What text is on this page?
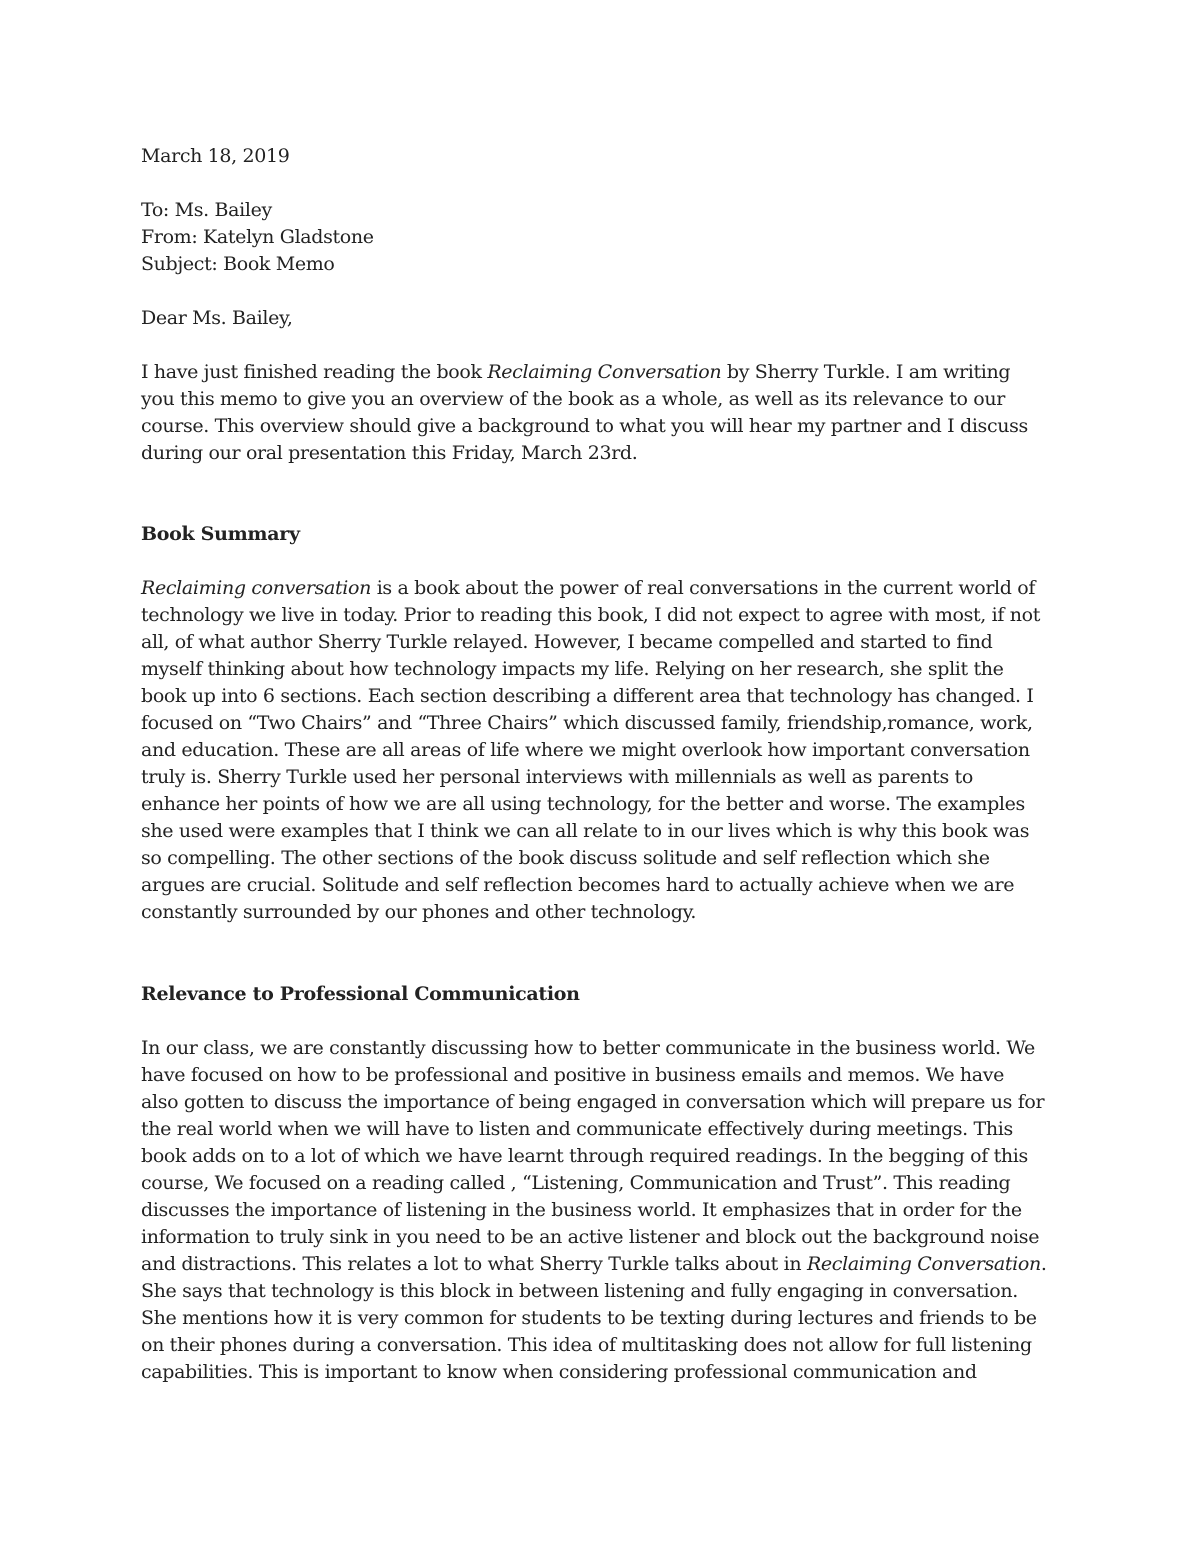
March 18, 2019
To: Ms. Bailey
From: Katelyn Gladstone
Subject: Book Memo
Dear Ms. Bailey,
I have just finished reading the book Reclaiming Conversation by Sherry Turkle. I am writing
you this memo to give you an overview of the book as a whole, as well as its relevance to our
course. This overview should give a background to what you will hear my partner and I discuss
during our oral presentation this Friday, March 23rd.
Book Summary
Reclaiming conversation is a book about the power of real conversations in the current world of
technology we live in today. Prior to reading this book, I did not expect to agree with most, if not
all, of what author Sherry Turkle relayed. However, I became compelled and started to find
myself thinking about how technology impacts my life. Relying on her research, she split the
book up into 6 sections. Each section describing a different area that technology has changed. I
focused on “Two Chairs” and “Three Chairs” which discussed family, friendship,romance, work,
and education. These are all areas of life where we might overlook how important conversation
truly is. Sherry Turkle used her personal interviews with millennials as well as parents to
enhance her points of how we are all using technology, for the better and worse. The examples
she used were examples that I think we can all relate to in our lives which is why this book was
so compelling. The other sections of the book discuss solitude and self reflection which she
argues are crucial. Solitude and self reflection becomes hard to actually achieve when we are
constantly surrounded by our phones and other technology.
Relevance to Professional Communication
In our class, we are constantly discussing how to better communicate in the business world. We
have focused on how to be professional and positive in business emails and memos. We have
also gotten to discuss the importance of being engaged in conversation which will prepare us for
the real world when we will have to listen and communicate effectively during meetings. This
book adds on to a lot of which we have learnt through required readings. In the begging of this
course, We focused on a reading called , “Listening, Communication and Trust”. This reading
discusses the importance of listening in the business world. It emphasizes that in order for the
information to truly sink in you need to be an active listener and block out the background noise
and distractions. This relates a lot to what Sherry Turkle talks about in Reclaiming Conversation.
She says that technology is this block in between listening and fully engaging in conversation.
She mentions how it is very common for students to be texting during lectures and friends to be
on their phones during a conversation. This idea of multitasking does not allow for full listening
capabilities. This is important to know when considering professional communication and
